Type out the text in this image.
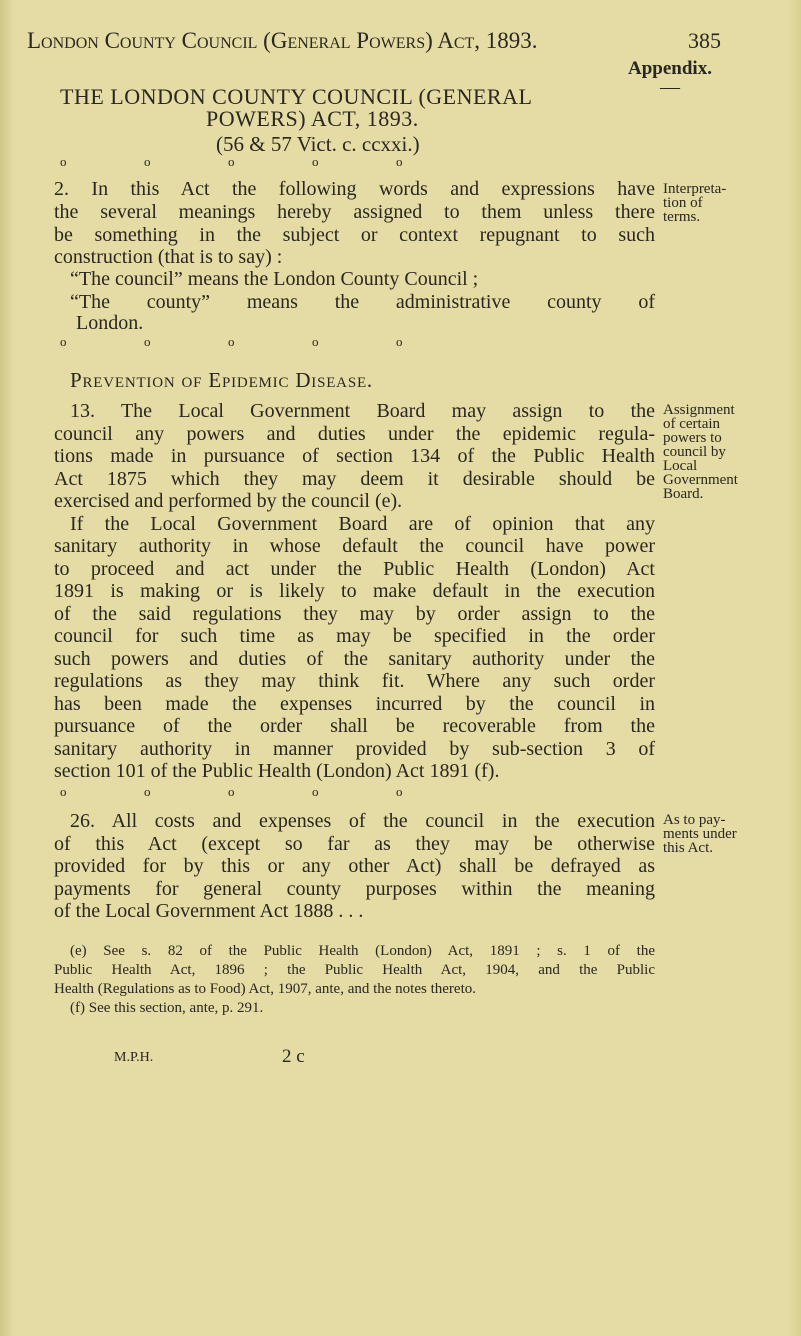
London County Council (General Powers) Act, 1893.	385
Appendix.
—
THE LONDON COUNTY COUNCIL (GENERAL
POWERS) ACT, 1893.
(56 & 57 Vict. c. ccxxi.)
o	o	o	o	o
2. In this Act the following words and expressions have
the several meanings hereby assigned to them unless there
be something in the subject or context repugnant to such
construction (that is to say) :
“The council” means the London County Council ;
“The county” means the administrative county of
London.
Interpreta-
tion of
terms.
o	o	o	o	o
Prevention of Epidemic Disease.
13. The Local Government Board may assign to the
council any powers and duties under the epidemic regula-
tions made in pursuance of section 134 of the Public Health
Act 1875 which they may deem it desirable should be
exercised and performed by the council (e).
If the Local Government Board are of opinion that any
sanitary authority in whose default the council have power
to proceed and act under the Public Health (London) Act
1891 is making or is likely to make default in the execution
of the said regulations they may by order assign to the
council for such time as may be specified in the order
such powers and duties of the sanitary authority under the
regulations as they may think fit. Where any such order
has been made the expenses incurred by the council in
pursuance of the order shall be recoverable from the
sanitary authority in manner provided by sub-section 3 of
section 101 of the Public Health (London) Act 1891 (f).
Assignment
of certain
powers to
council by
Local
Government
Board.
26. All costs and expenses of the council in the execution
of this Act (except so far as they may be otherwise
provided for by this or any other Act) shall be defrayed as
payments for general county purposes within the meaning
of the Local Government Act 1888 . . .
As to pay-
ments under
this Act.
o	o	o	o	o
(e) See s. 82 of the Public Health (London) Act, 1891 ; s. 1 of the
Public Health Act, 1896 ; the Public Health Act, 1904, and the Public
Health (Regulations as to Food) Act, 1907, ante, and the notes thereto.
(f) See this section, ante, p. 291.
M.P.H.	2 c
